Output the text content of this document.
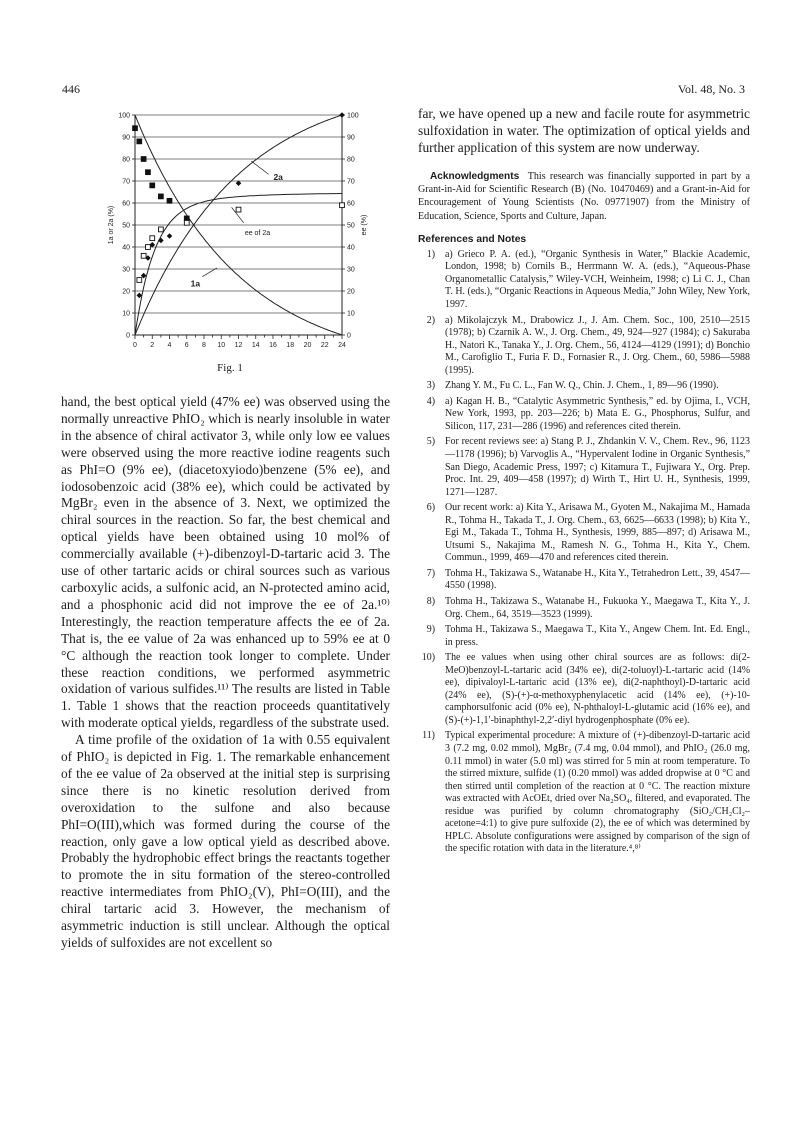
446	Vol. 48, No. 3
0	0
10	10
20	20
30	30
40	40
50	50
60	60
70	70
80	80
90	90
100	100
0 2 4 6 8 10 12 14 16 18 20 22 24
1a or 2a (%)	ee (%)
2a
ee of 2a
1a
Fig. 1

hand, the best optical yield (47% ee) was observed using the normally unreactive PhIO₂ which is nearly insoluble in water in the absence of chiral activator 3, while only low ee values were observed using the more reactive iodine reagents such as PhI=O (9% ee), (diacetoxyiodo)benzene (5% ee), and iodosobenzoic acid (38% ee), which could be activated by MgBr₂ even in the absence of 3. Next, we optimized the chiral sources in the reaction. So far, the best chemical and optical yields have been obtained using 10 mol% of commercially available (+)-dibenzoyl-D-tartaric acid 3. The use of other tartaric acids or chiral sources such as various carboxylic acids, a sulfonic acid, an N-protected amino acid, and a phosphonic acid did not improve the ee of 2a.¹⁰⁾ Interestingly, the reaction temperature affects the ee of 2a. That is, the ee value of 2a was enhanced up to 59% ee at 0 °C although the reaction took longer to complete. Under these reaction conditions, we performed asymmetric oxidation of various sulfides.¹¹⁾ The results are listed in Table 1. Table 1 shows that the reaction proceeds quantitatively with moderate optical yields, regardless of the substrate used.

A time profile of the oxidation of 1a with 0.55 equivalent of PhIO₂ is depicted in Fig. 1. The remarkable enhancement of the ee value of 2a observed at the initial step is surprising since there is no kinetic resolution derived from overoxidation to the sulfone and also because PhI=O(III),which was formed during the course of the reaction, only gave a low optical yield as described above. Probably the hydrophobic effect brings the reactants together to promote the in situ formation of the stereo-controlled reactive intermediates from PhIO₂(V), PhI=O(III), and the chiral tartaric acid 3. However, the mechanism of asymmetric induction is still unclear. Although the optical yields of sulfoxides are not excellent so

far, we have opened up a new and facile route for asymmetric sulfoxidation in water. The optimization of optical yields and further application of this system are now underway.

Acknowledgments This research was financially supported in part by a Grant-in-Aid for Scientific Research (B) (No. 10470469) and a Grant-in-Aid for Encouragement of Young Scientists (No. 09771907) from the Ministry of Education, Science, Sports and Culture, Japan.

References and Notes
1) a) Grieco P. A. (ed.), “Organic Synthesis in Water,” Blackie Academic, London, 1998; b) Cornils B., Herrmann W. A. (eds.), “Aqueous-Phase Organometallic Catalysis,” Wiley-VCH, Weinheim, 1998; c) Li C. J., Chan T. H. (eds.), “Organic Reactions in Aqueous Media,” John Wiley, New York, 1997.
2) a) Mikolajczyk M., Drabowicz J., J. Am. Chem. Soc., 100, 2510—2515 (1978); b) Czarnik A. W., J. Org. Chem., 49, 924—927 (1984); c) Sakuraba H., Natori K., Tanaka Y., J. Org. Chem., 56, 4124—4129 (1991); d) Bonchio M., Carofiglio T., Furia F. D., Fornasier R., J. Org. Chem., 60, 5986—5988 (1995).
3) Zhang Y. M., Fu C. L., Fan W. Q., Chin. J. Chem., 1, 89—96 (1990).
4) a) Kagan H. B., “Catalytic Asymmetric Synthesis,” ed. by Ojima, I., VCH, New York, 1993, pp. 203—226; b) Mata E. G., Phosphorus, Sulfur, and Silicon, 117, 231—286 (1996) and references cited therein.
5) For recent reviews see: a) Stang P. J., Zhdankin V. V., Chem. Rev., 96, 1123—1178 (1996); b) Varvoglis A., “Hypervalent Iodine in Organic Synthesis,” San Diego, Academic Press, 1997; c) Kitamura T., Fujiwara Y., Org. Prep. Proc. Int. 29, 409—458 (1997); d) Wirth T., Hirt U. H., Synthesis, 1999, 1271—1287.
6) Our recent work: a) Kita Y., Arisawa M., Gyoten M., Nakajima M., Hamada R., Tohma H., Takada T., J. Org. Chem., 63, 6625—6633 (1998); b) Kita Y., Egi M., Takada T., Tohma H., Synthesis, 1999, 885—897; d) Arisawa M., Utsumi S., Nakajima M., Ramesh N. G., Tohma H., Kita Y., Chem. Commun., 1999, 469—470 and references cited therein.
7) Tohma H., Takizawa S., Watanabe H., Kita Y., Tetrahedron Lett., 39, 4547—4550 (1998).
8) Tohma H., Takizawa S., Watanabe H., Fukuoka Y., Maegawa T., Kita Y., J. Org. Chem., 64, 3519—3523 (1999).
9) Tohma H., Takizawa S., Maegawa T., Kita Y., Angew Chem. Int. Ed. Engl., in press.
10) The ee values when using other chiral sources are as follows: di(2-MeO)benzoyl-L-tartaric acid (34% ee), di(2-toluoyl)-L-tartaric acid (14% ee), dipivaloyl-L-tartaric acid (13% ee), di(2-naphthoyl)-D-tartaric acid (24% ee), (S)-(+)-α-methoxyphenylacetic acid (14% ee), (+)-10-camphorsulfonic acid (0% ee), N-phthaloyl-L-glutamic acid (16% ee), and (S)-(+)-1,1′-binaphthyl-2,2′-diyl hydrogenphosphate (0% ee).
11) Typical experimental procedure: A mixture of (+)-dibenzoyl-D-tartaric acid 3 (7.2 mg, 0.02 mmol), MgBr₂ (7.4 mg, 0.04 mmol), and PhIO₂ (26.0 mg, 0.11 mmol) in water (5.0 ml) was stirred for 5 min at room temperature. To the stirred mixture, sulfide (1) (0.20 mmol) was added dropwise at 0 °C and then stirred until completion of the reaction at 0 °C. The reaction mixture was extracted with AcOEt, dried over Na₂SO₄, filtered, and evaporated. The residue was purified by column chromatography (SiO₂/CH₂Cl₂–acetone=4:1) to give pure sulfoxide (2), the ee of which was determined by HPLC. Absolute configurations were assigned by comparison of the sign of the specific rotation with data in the literature.⁴,⁸⁾
